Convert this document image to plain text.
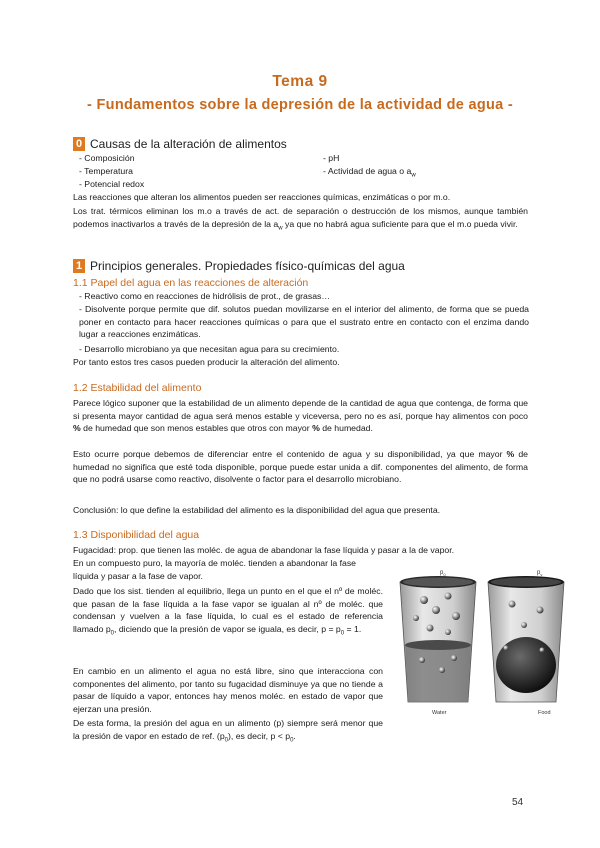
Tema 9
- Fundamentos sobre la depresión de la actividad de agua -
0 Causas de la alteración de alimentos
- Composición
- Temperatura
- Potencial redox
- pH
- Actividad de agua o $a_w$
Las reacciones que alteran los alimentos pueden ser reacciones químicas, enzimáticas o por m.o.
Los trat. térmicos eliminan los m.o a través de act. de separación o destrucción de los mismos, aunque también podemos inactivarlos a través de la depresión de la $a_w$ ya que no habrá agua suficiente para que el m.o pueda vivir.
1 Principios generales. Propiedades físico-químicas del agua
1.1 Papel del agua en las reacciones de alteración
- Reactivo como en reacciones de hidrólisis de prot., de grasas…
- Disolvente porque permite que dif. solutos puedan movilizarse en el interior del alimento, de forma que se pueda poner en contacto para hacer reacciones químicas o para que el sustrato entre en contacto con el enzima dando lugar a reacciones enzimáticas.
- Desarrollo microbiano ya que necesitan agua para su crecimiento.
Por tanto estos tres casos pueden producir la alteración del alimento.
1.2 Estabilidad del alimento
Parece lógico suponer que la estabilidad de un alimento depende de la cantidad de agua que contenga, de forma que si presenta mayor cantidad de agua será menos estable y viceversa, pero no es así, porque hay alimentos con poco % de humedad que son menos estables que otros con mayor % de humedad.
Esto ocurre porque debemos de diferenciar entre el contenido de agua y su disponibilidad, ya que mayor % de humedad no significa que esté toda disponible, porque puede estar unida a dif. componentes del alimento, de forma que no podrá usarse como reactivo, disolvente o factor para el desarrollo microbiano.
Conclusión: lo que define la estabilidad del alimento es la disponibilidad del agua que presenta.
1.3 Disponibilidad del agua
Fugacidad: prop. que tienen las moléc. de agua de abandonar la fase líquida y pasar a la de vapor.
En un compuesto puro, la mayoría de moléc. tienden a abandonar la fase líquida y pasar a la fase de vapor.
Dado que los sist. tienden al equilibrio, llega un punto en el que el nº de moléc. que pasan de la fase líquida a la fase vapor se igualan al nº de moléc. que condensan y vuelven a la fase líquida, lo cual es el estado de referencia llamado $p_0$, diciendo que la presión de vapor se iguala, es decir, $p = p_0 = 1$.
En cambio en un alimento el agua no está libre, sino que interacciona con componentes del alimento, por tanto su fugacidad disminuye ya que no tiende a pasar de líquido a vapor, entonces hay menos moléc. en estado de vapor que ejerzan una presión.
De esta forma, la presión del agua en un alimento (p) siempre será menor que la presión de vapor en estado de ref. $(p_0)$, es decir, $p < p_0$.
$p_0$	$p_v$
Water	Food
54
